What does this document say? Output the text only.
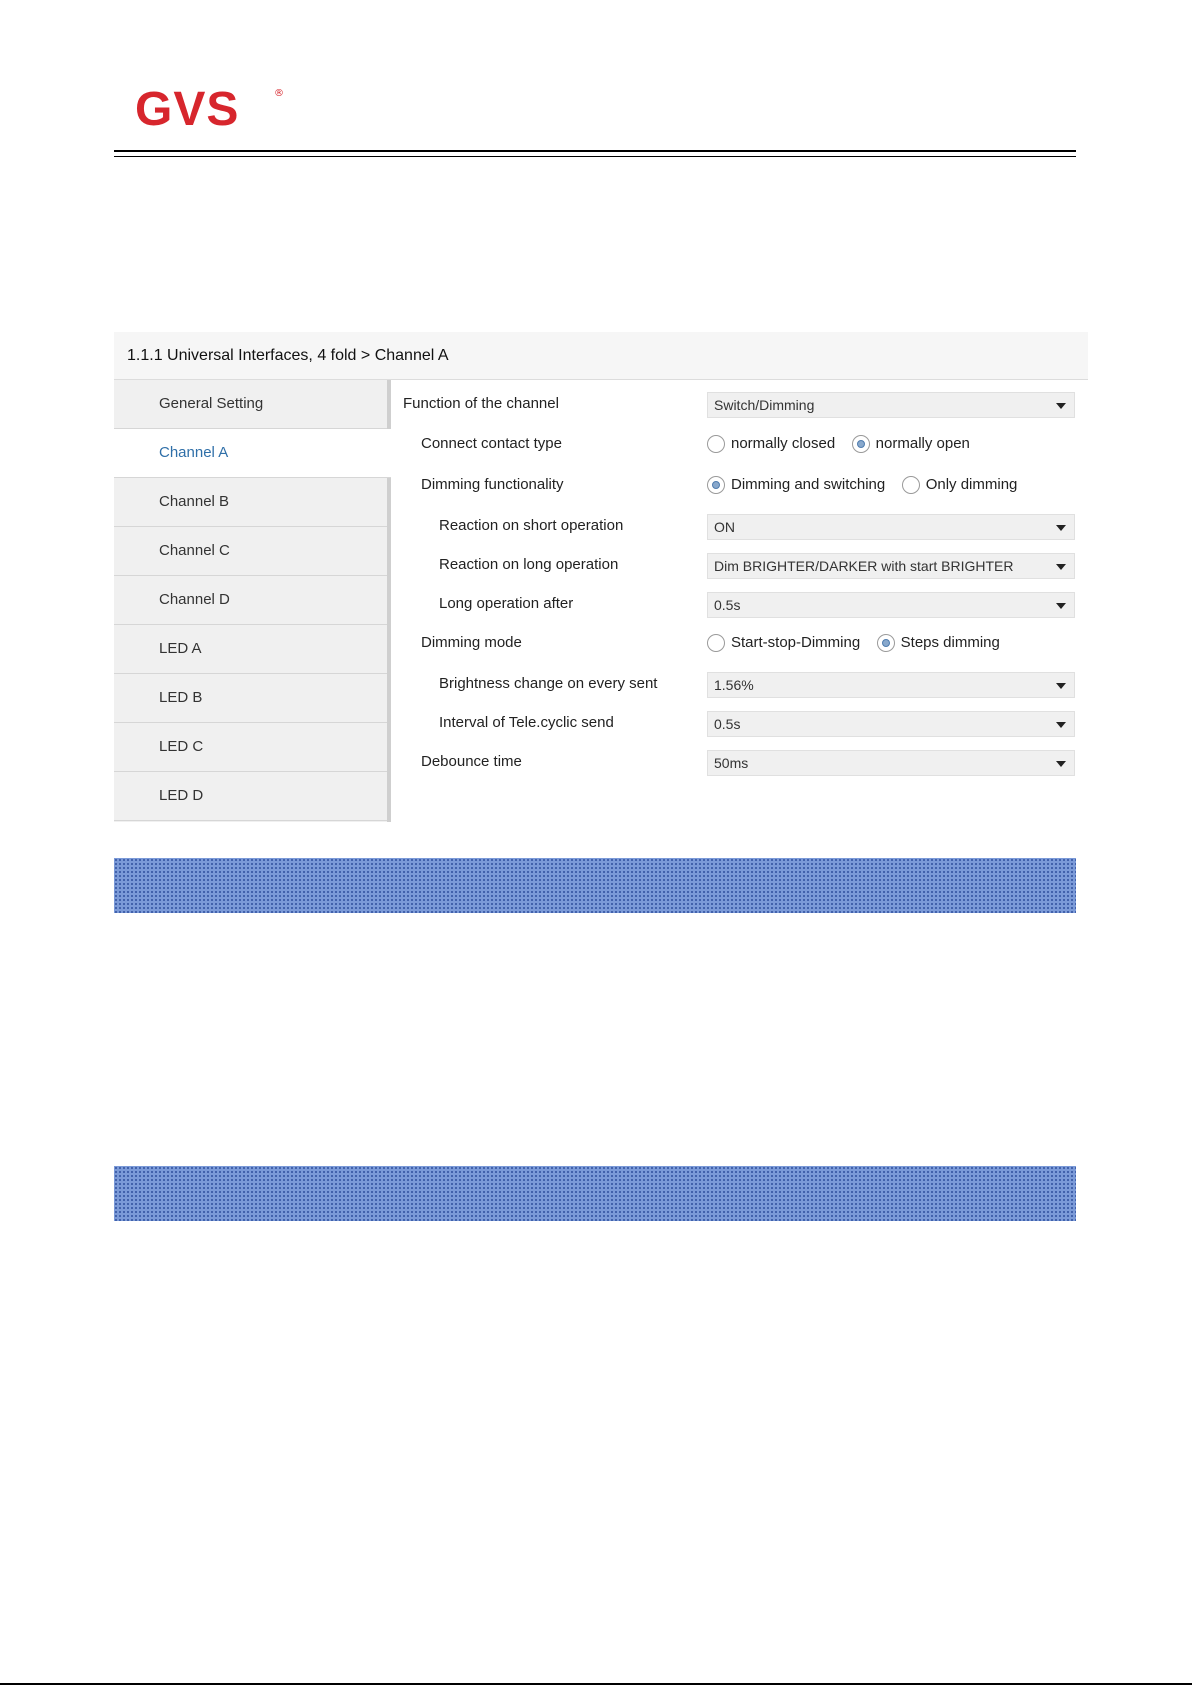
GVS	®
1.1.1 Universal Interfaces, 4 fold > Channel A
General Setting
Channel A
Channel B
Channel C
Channel D
LED A
LED B
LED C
LED D
Function of the channel	Switch/Dimming
Connect contact type	normally closed	normally open
Dimming functionality	Dimming and switching	Only dimming
Reaction on short operation	ON
Reaction on long operation	Dim BRIGHTER/DARKER with start BRIGHTER
Long operation after	0.5s
Dimming mode	Start-stop-Dimming	Steps dimming
Brightness change on every sent	1.56%
Interval of Tele.cyclic send	0.5s
Debounce time	50ms
